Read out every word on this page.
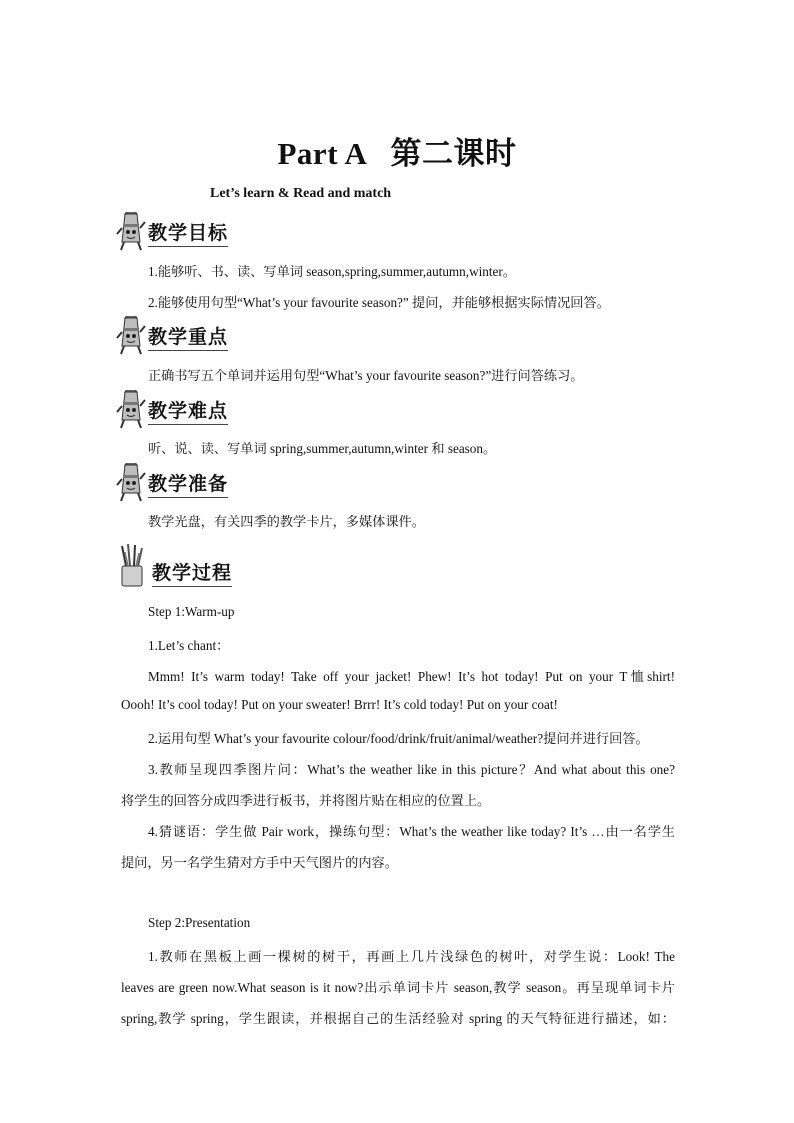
Part A   第二课时
Let’s learn & Read and match
教学目标
1.能够听、书、读、写单词 season,spring,summer,autumn,winter。
2.能够使用句型“What’s your favourite season?” 提问，并能够根据实际情况回答。
教学重点
正确书写五个单词并运用句型“What’s your favourite season?”进行问答练习。
教学难点
听、说、读、写单词 spring,summer,autumn,winter 和 season。
教学准备
教学光盘，有关四季的教学卡片，多媒体课件。
教学过程
Step 1:Warm-up
1.Let’s chant：
Mmm! It’s warm today! Take off your jacket! Phew! It’s hot today! Put on your T恤shirt!
Oooh! It’s cool today! Put on your sweater! Brrr! It’s cold today! Put on your coat!
2.运用句型 What’s your favourite colour/food/drink/fruit/animal/weather?提问并进行回答。
3.教师呈现四季图片问：What’s the weather like in this picture？And what about this one?
将学生的回答分成四季进行板书，并将图片贴在相应的位置上。
4.猜谜语：学生做 Pair work，操练句型：What’s the weather like today? It’s …由一名学生
提问，另一名学生猜对方手中天气图片的内容。
Step 2:Presentation
1.教师在黑板上画一棵树的树干，再画上几片浅绿色的树叶，对学生说：Look! The
leaves are green now.What season is it now?出示单词卡片 season,教学 season。再呈现单词卡片
spring,教学 spring，学生跟读，并根据自己的生活经验对 spring 的天气特征进行描述，如：
